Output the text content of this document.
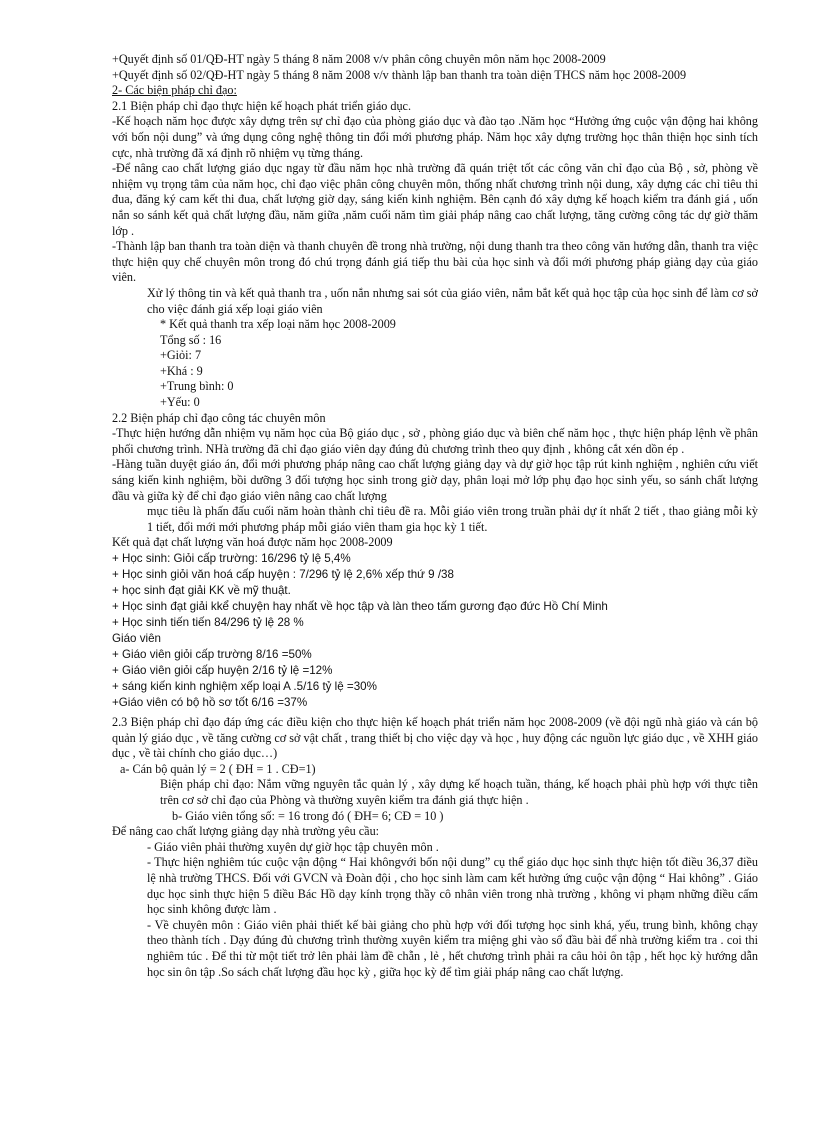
+Quyết định số 01/QĐ-HT ngày 5 tháng 8 năm 2008 v/v phân công chuyên môn năm học 2008-2009

+Quyết định số 02/QĐ-HT ngày 5 tháng 8 năm 2008 v/v thành lập ban thanh tra toàn diện THCS năm học 2008-2009

2- Các biện pháp chỉ đạo:

2.1 Biện pháp chỉ đạo thực hiện kế hoạch phát triển giáo dục.

-Kế hoạch năm học được xây dựng trên sự chỉ đạo của phòng giáo dục và đào tạo .Năm học “Hưởng ứng cuộc vận động hai không với bốn nội dung” và ứng dụng công nghệ thông tin đổi mới phương pháp. Năm học xây dựng trường học thân thiện học sinh tích cực, nhà trường đã xá định rõ nhiệm vụ từng tháng.

-Để nâng cao chất lượng giáo dục ngay từ đầu năm học nhà trường đã quán triệt tốt các công văn chỉ đạo của Bộ , sở, phòng về nhiệm vụ trọng tâm của năm học, chỉ đạo việc phân công chuyên môn, thống nhất chương trình nội dung, xây dựng các chỉ tiêu thi đua, đăng ký cam kết thi đua, chất lượng giờ dạy, sáng kiến kinh nghiệm. Bên cạnh đó xây dựng kế hoạch kiểm tra đánh giá , uốn nắn so sánh kết quả chất lượng đầu, năm giữa ,năm cuối năm tìm giải pháp nâng cao chất lượng, tăng cường công tác dự giờ thăm lớp .

-Thành lập ban thanh tra toàn diện và thanh chuyên đề trong nhà trường, nội dung thanh tra theo công văn hướng dẫn, thanh tra việc thực hiện quy chế chuyên môn trong đó chú trọng đánh giá tiếp thu bài của học sinh và đổi mới phương pháp giảng dạy của giáo viên.

Xử lý thông tin và kết quả thanh tra , uốn nắn nhưng sai sót của giáo viên, nắm bắt kết quả học tập của học sinh để làm cơ sở cho việc đánh giá xếp loại giáo viên

* Kết quả thanh tra xếp loại năm học 2008-2009

Tổng số : 16

+Giỏi: 7

+Khá : 9

+Trung bình: 0

+Yếu: 0

2.2 Biện pháp chỉ đạo công tác chuyên môn

-Thực hiện hướng dẫn nhiệm vụ năm học của Bộ giáo dục , sở , phòng giáo dục và biên chế năm học , thực hiện pháp lệnh về phân phối chương trình. NHà trường đã chỉ đạo giáo viên dạy đúng đủ chương trình theo quy định , không cắt xén dồn ép .

-Hàng tuần duyệt giáo án, đổi mới phương pháp nâng cao chất lượng giảng dạy và dự giờ học tập rút kinh nghiệm , nghiên cứu viết sáng kiến kinh nghiệm, bồi dưỡng 3 đối tượng học sinh trong giờ dạy, phân loại mở lớp phụ đạo học sinh yếu, so sánh chất lượng đầu và giữa kỳ để chỉ đạo giáo viên nâng cao chất lượng

mục tiêu là phấn đấu cuối năm hoàn thành chỉ tiêu đề ra. Mỗi giáo viên trong truần phải dự ít nhất 2 tiết , thao giảng mỗi kỳ 1 tiết, đổi mới mới phương pháp mỗi giáo viên tham gia học kỳ 1 tiết.

Kết quả đạt chất lượng văn hoá được năm học 2008-2009

+ Học sinh: Giỏi cấp trường: 16/296 tỷ lệ 5,4%

+ Học sinh giỏi văn hoá cấp huyện : 7/296 tỷ lệ 2,6% xếp thứ 9 /38

+ học sinh đạt giải KK về mỹ thuật.

+ Học sinh đạt giải kkể chuyện hay nhất về học tập và làn theo tấm gương đạo đức Hồ Chí Minh

+ Học sinh tiến tiến 84/296 tỷ lệ 28 %

Giáo viên

+ Giáo viên giỏi cấp trường 8/16 =50%

+ Giáo viên giỏi cấp huyện 2/16 tỷ lệ =12%

+ sáng kiến kinh nghiệm xếp loại A .5/16 tỷ lệ =30%

+Giáo viên có bộ hồ sơ tốt 6/16 =37%

2.3 Biện pháp chỉ đạo đáp ứng các điều kiện cho thực hiện kế hoạch phát triển năm học 2008-2009 (về đội ngũ nhà giáo và cán bộ quản lý giáo dục , về tăng cường cơ sở vật chất , trang thiết bị cho việc dạy và học , huy động các nguồn lực giáo dục , về XHH giáo dục , về tài chính cho giáo dục…)

a- Cán bộ quản lý = 2 ( ĐH = 1 . CĐ=1)

Biện pháp chỉ đạo: Nắm vững nguyên tắc quản lý , xây dựng kế hoạch tuần, tháng, kế hoạch phải phù hợp với thực tiễn trên cơ sở chỉ đạo của Phòng và thường xuyên kiểm tra đánh giá thực hiện .

b- Giáo viên tổng số: = 16 trong đó ( ĐH= 6; CĐ = 10 )

Để nâng cao chất lượng giảng dạy nhà trường yêu cầu:

- Giáo viên phải thường xuyên dự giờ học tập chuyên môn .

- Thực hiện nghiêm túc cuộc vận động “ Hai khôngvới bốn nội dung” cụ thể giáo dục học sinh thực hiện tốt điều 36,37 điều lệ nhà trường THCS. Đối với GVCN và Đoàn đội , cho học sinh làm cam kết hưởng ứng cuộc vận động “ Hai không” . Giáo dục học sinh thực hiện 5 điều Bác Hồ dạy kính trọng thầy cô nhân viên trong nhà trường , không vi phạm những điều cấm học sinh không được làm .

- Về chuyên môn : Giáo viên phải thiết kế bài giảng cho phù hợp với đối tượng học sinh khá, yếu, trung bình, không chạy theo thành tích . Dạy đúng đủ chương trình thường xuyên kiểm tra miệng ghi vào sổ đầu bài để nhà trường kiểm tra . coi thi nghiêm túc . Để thi từ một tiết trở lên phải làm đề chẵn , lẻ , hết chương trình phải ra câu hỏi ôn tập , hết học kỳ hướng dẫn học sin ôn tập .So sách chất lượng đầu học kỳ , giữa học kỳ để tìm giải pháp nâng cao chất lượng.
